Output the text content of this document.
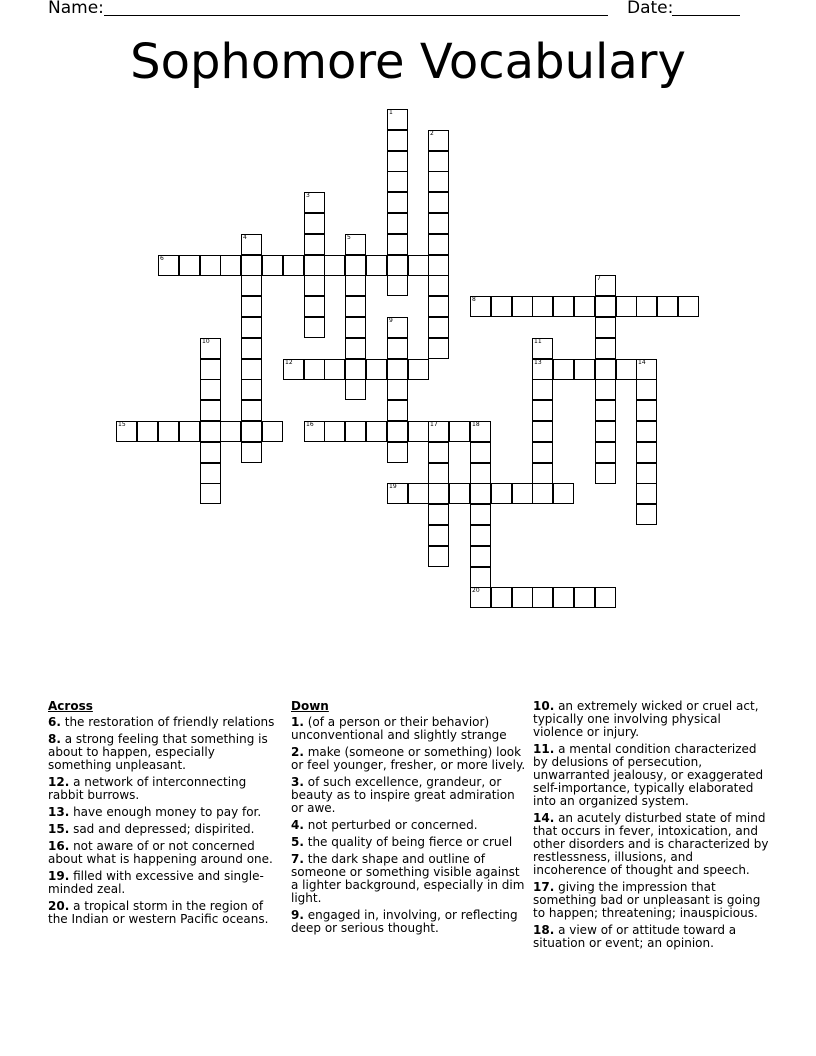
Name:	Date:
Sophomore Vocabulary
1
2
3
4	5
6
7
8
9
10	11
13
12	14
15	16	17	18
20
19
Across
6. the restoration of friendly relations
8. a strong feeling that something is about to happen, especially something unpleasant.
12. a network of interconnecting rabbit burrows.
13. have enough money to pay for.
15. sad and depressed; dispirited.
16. not aware of or not concerned about what is happening around one.
19. filled with excessive and single-minded zeal.
20. a tropical storm in the region of the Indian or western Pacific oceans.
Down
1. (of a person or their behavior) unconventional and slightly strange
2. make (someone or something) look or feel younger, fresher, or more lively.
3. of such excellence, grandeur, or beauty as to inspire great admiration or awe.
4. not perturbed or concerned.
5. the quality of being fierce or cruel
7. the dark shape and outline of someone or something visible against a lighter background, especially in dim light.
9. engaged in, involving, or reflecting deep or serious thought.
10. an extremely wicked or cruel act, typically one involving physical violence or injury.
11. a mental condition characterized by delusions of persecution, unwarranted jealousy, or exaggerated self-importance, typically elaborated into an organized system.
14. an acutely disturbed state of mind that occurs in fever, intoxication, and other disorders and is characterized by restlessness, illusions, and incoherence of thought and speech.
17. giving the impression that something bad or unpleasant is going to happen; threatening; inauspicious.
18. a view of or attitude toward a situation or event; an opinion.
